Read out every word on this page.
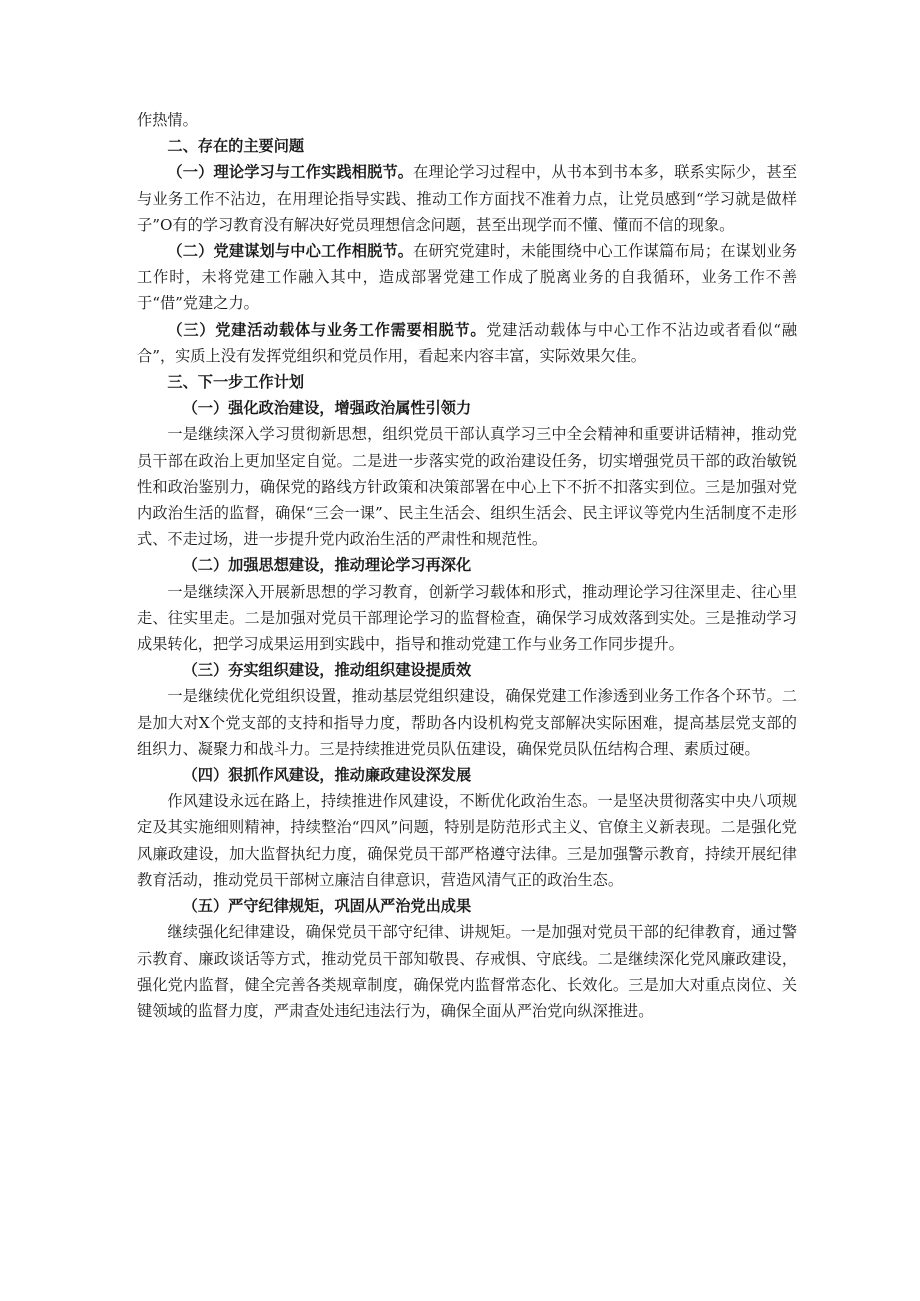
作热情。

二、存在的主要问题

（一）理论学习与工作实践相脱节。在理论学习过程中，从书本到书本多，联系实际少，甚至与业务工作不沾边，在用理论指导实践、推动工作方面找不准着力点，让党员感到“学习就是做样子”O有的学习教育没有解决好党员理想信念问题，甚至出现学而不懂、懂而不信的现象。

（二）党建谋划与中心工作相脱节。在研究党建时，未能围绕中心工作谋篇布局；在谋划业务工作时，未将党建工作融入其中，造成部署党建工作成了脱离业务的自我循环，业务工作不善于“借”党建之力。

（三）党建活动载体与业务工作需要相脱节。党建活动载体与中心工作不沾边或者看似“融合”，实质上没有发挥党组织和党员作用，看起来内容丰富，实际效果欠佳。

三、下一步工作计划

（一）强化政治建设，增强政治属性引领力

一是继续深入学习贯彻新思想，组织党员干部认真学习三中全会精神和重要讲话精神，推动党员干部在政治上更加坚定自觉。二是进一步落实党的政治建设任务，切实增强党员干部的政治敏锐性和政治鉴别力，确保党的路线方针政策和决策部署在中心上下不折不扣落实到位。三是加强对党内政治生活的监督，确保“三会一课”、民主生活会、组织生活会、民主评议等党内生活制度不走形式、不走过场，进一步提升党内政治生活的严肃性和规范性。

（二）加强思想建设，推动理论学习再深化

一是继续深入开展新思想的学习教育，创新学习载体和形式，推动理论学习往深里走、往心里走、往实里走。二是加强对党员干部理论学习的监督检查，确保学习成效落到实处。三是推动学习成果转化，把学习成果运用到实践中，指导和推动党建工作与业务工作同步提升。

（三）夯实组织建设，推动组织建设提质效

一是继续优化党组织设置，推动基层党组织建设，确保党建工作渗透到业务工作各个环节。二是加大对X个党支部的支持和指导力度，帮助各内设机构党支部解决实际困难，提高基层党支部的组织力、凝聚力和战斗力。三是持续推进党员队伍建设，确保党员队伍结构合理、素质过硬。

（四）狠抓作风建设，推动廉政建设深发展

作风建设永远在路上，持续推进作风建设，不断优化政治生态。一是坚决贯彻落实中央八项规定及其实施细则精神，持续整治“四风”问题，特别是防范形式主义、官僚主义新表现。二是强化党风廉政建设，加大监督执纪力度，确保党员干部严格遵守法律。三是加强警示教育，持续开展纪律教育活动，推动党员干部树立廉洁自律意识，营造风清气正的政治生态。

（五）严守纪律规矩，巩固从严治党出成果

继续强化纪律建设，确保党员干部守纪律、讲规矩。一是加强对党员干部的纪律教育，通过警示教育、廉政谈话等方式，推动党员干部知敬畏、存戒惧、守底线。二是继续深化党风廉政建设，强化党内监督，健全完善各类规章制度，确保党内监督常态化、长效化。三是加大对重点岗位、关键领域的监督力度，严肃查处违纪违法行为，确保全面从严治党向纵深推进。
